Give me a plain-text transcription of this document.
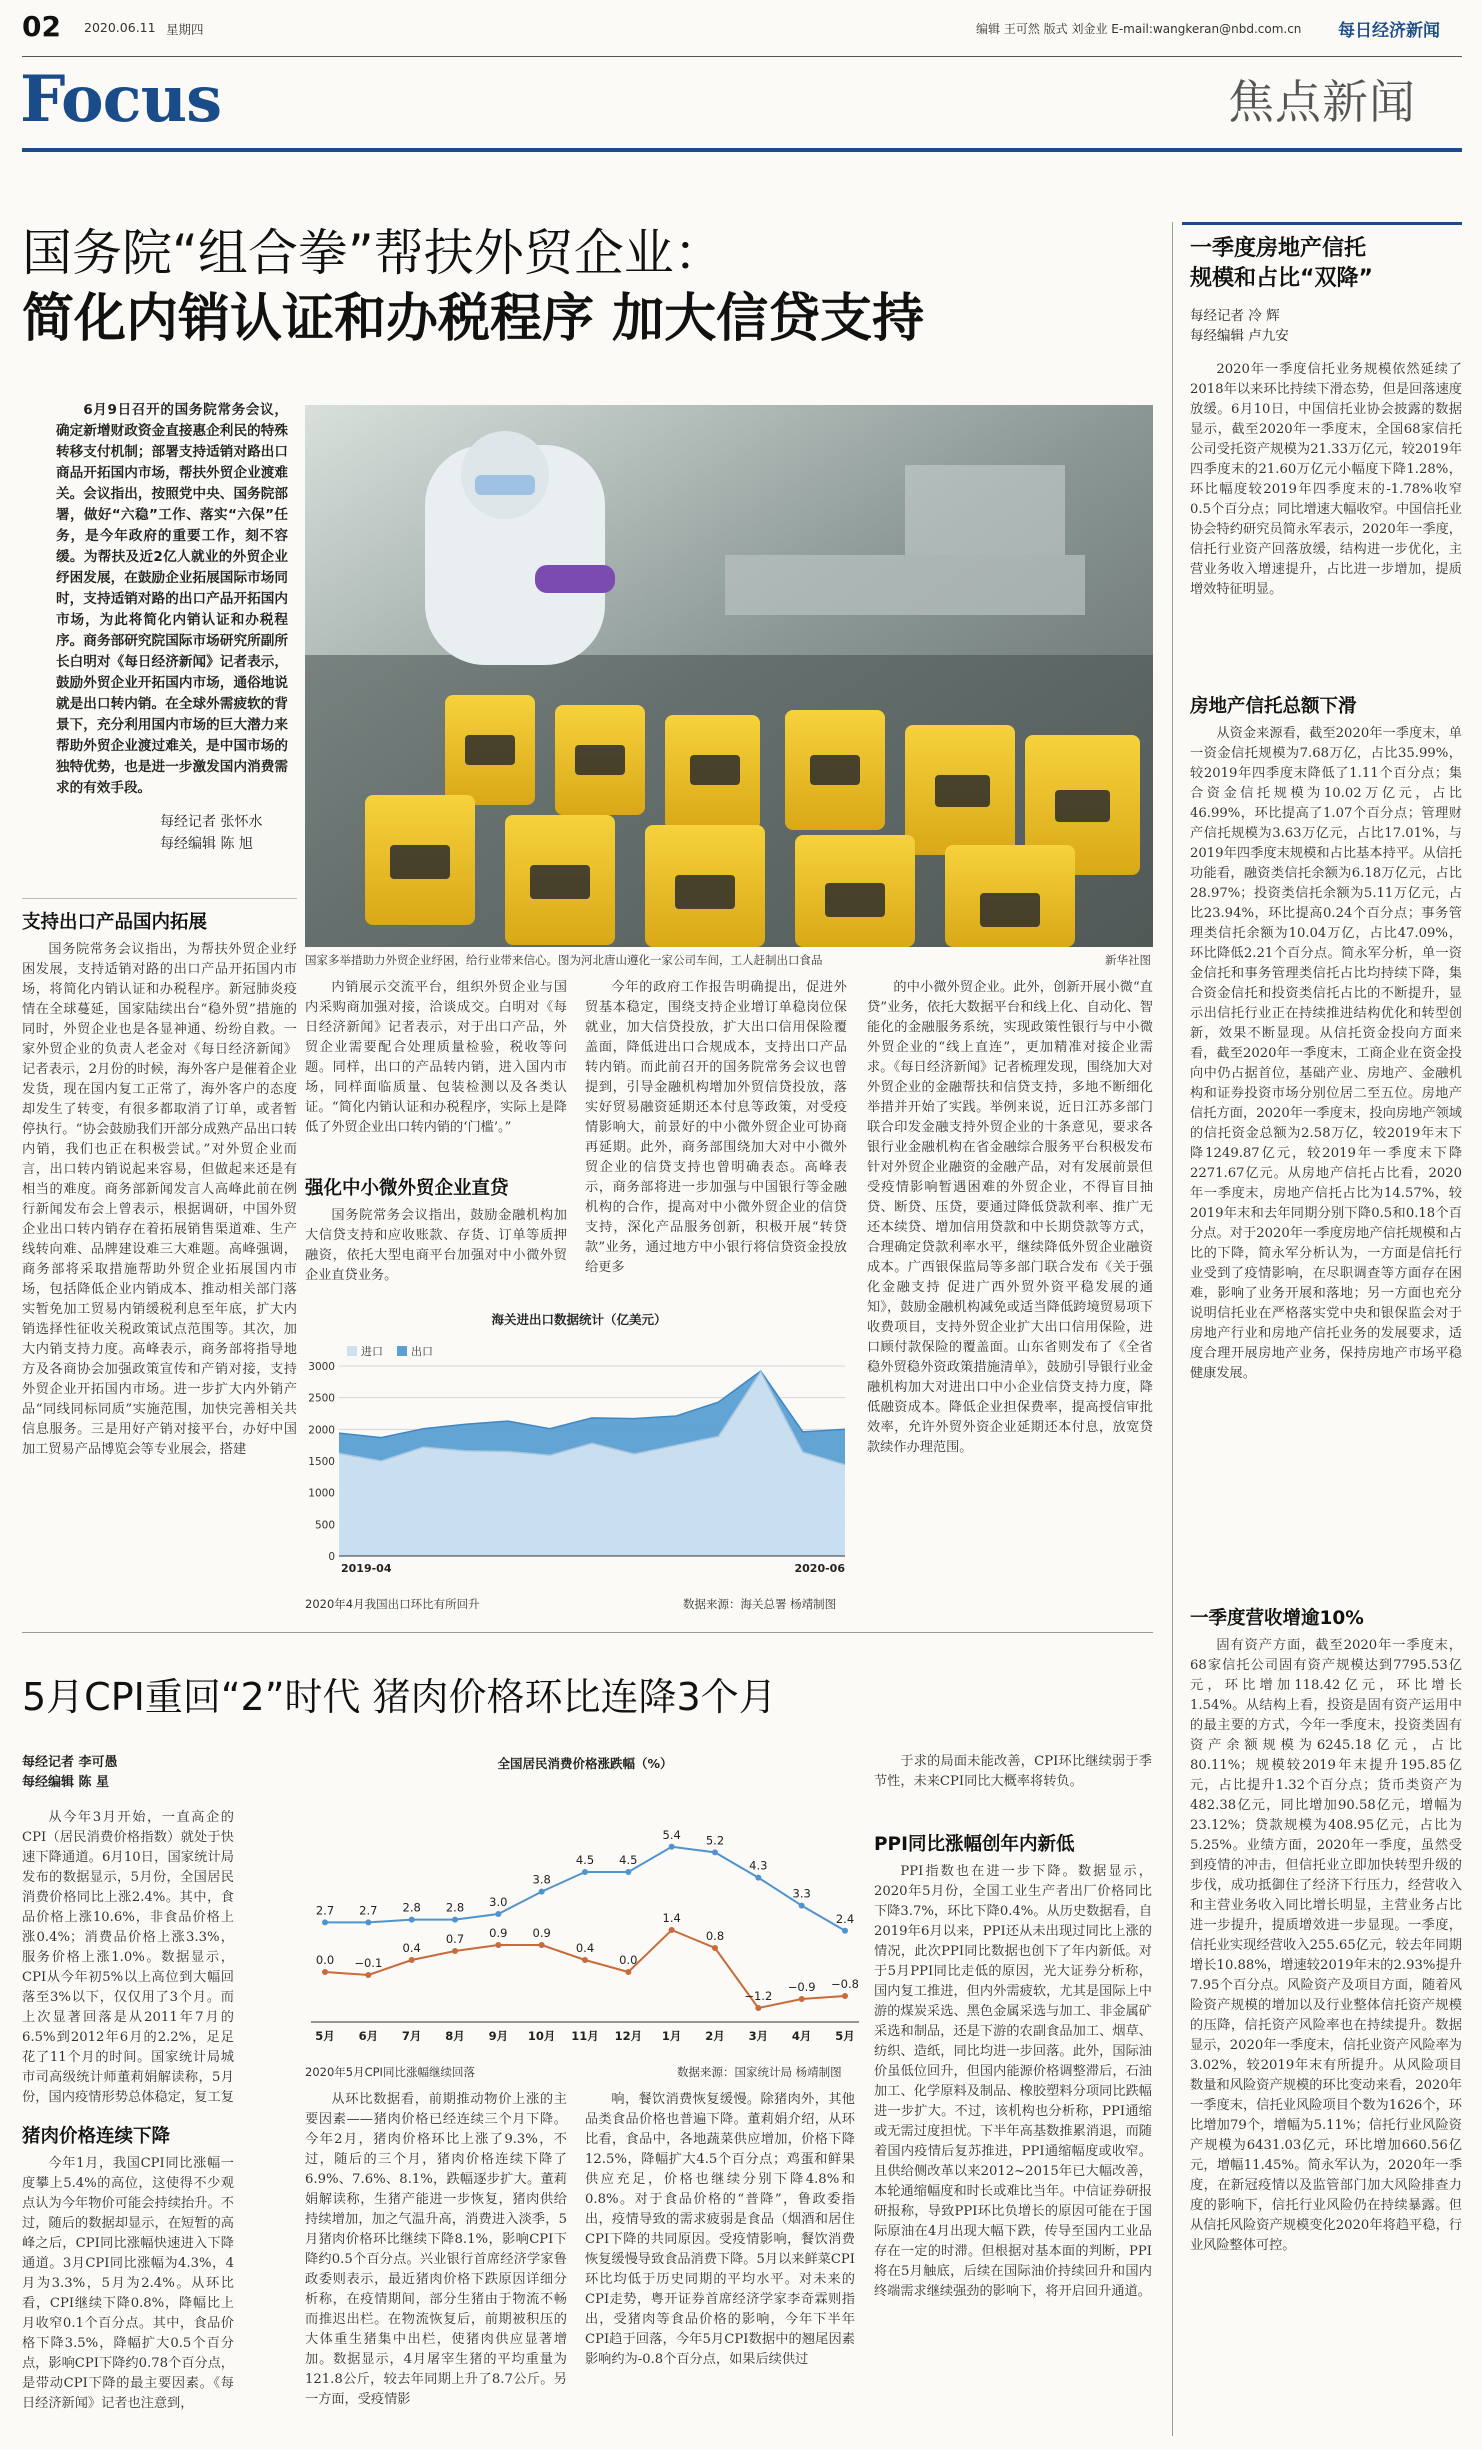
02 2020.06.11 星期四	编辑 王可然 版式 刘金业 E-mail:wangkeran@nbd.com.cn 每日经济新闻
Focus	焦点新闻
国务院“组合拳”帮扶外贸企业：
简化内销认证和办税程序 加大信贷支持
6月9日召开的国务院常务会议，确定新增财政资金直接惠企利民的特殊转移支付机制；部署支持适销对路出口商品开拓国内市场，帮扶外贸企业渡难关。会议指出，按照党中央、国务院部署，做好“六稳”工作、落实“六保”任务，是今年政府的重要工作，刻不容缓。为帮扶及近2亿人就业的外贸企业纾困发展，在鼓励企业拓展国际市场同时，支持适销对路的出口产品开拓国内市场，为此将简化内销认证和办税程序。商务部研究院国际市场研究所副所长白明对《每日经济新闻》记者表示，鼓励外贸企业开拓国内市场，通俗地说就是出口转内销。在全球外需疲软的背景下，充分利用国内市场的巨大潜力来帮助外贸企业渡过难关，是中国市场的独特优势，也是进一步激发国内消费需求的有效手段。
每经记者 张怀水
每经编辑 陈 旭
国家多举措助力外贸企业纾困，给行业带来信心。图为河北唐山遵化一家公司车间，工人赶制出口食品	新华社图
支持出口产品国内拓展
国务院常务会议指出，为帮扶外贸企业纾困发展，支持适销对路的出口产品开拓国内市场，将简化内销认证和办税程序。新冠肺炎疫情在全球蔓延，国家陆续出台“稳外贸”措施的同时，外贸企业也是各显神通、纷纷自救。一家外贸企业的负责人老金对《每日经济新闻》记者表示，2月份的时候，海外客户是催着企业发货，现在国内复工正常了，海外客户的态度却发生了转变，有很多都取消了订单，或者暂停执行。“协会鼓励我们开部分成熟产品出口转内销，我们也正在积极尝试。”对外贸企业而言，出口转内销说起来容易，但做起来还是有相当的难度。商务部新闻发言人高峰此前在例行新闻发布会上曾表示，根据调研，中国外贸企业出口转内销存在着拓展销售渠道难、生产线转向难、品牌建设难三大难题。高峰强调，商务部将采取措施帮助外贸企业拓展国内市场，包括降低企业内销成本、推动相关部门落实暂免加工贸易内销缓税利息至年底，扩大内销选择性征收关税政策试点范围等。其次，加大内销支持力度。高峰表示，商务部将指导地方及各商协会加强政策宣传和产销对接，支持外贸企业开拓国内市场。进一步扩大内外销产品“同线同标同质”实施范围，加快完善相关共信息服务。三是用好产销对接平台，办好中国加工贸易产品博览会等专业展会，搭建
内销展示交流平台，组织外贸企业与国内采购商加强对接，洽谈成交。白明对《每日经济新闻》记者表示，对于出口产品，外贸企业需要配合处理质量检验，税收等问题。同样，出口的产品转内销，进入国内市场，同样面临质量、包装检测以及各类认证。“简化内销认证和办税程序，实际上是降低了外贸企业出口转内销的‘门槛’。”
强化中小微外贸企业直贷
国务院常务会议指出，鼓励金融机构加大信贷支持和应收账款、存货、订单等质押融资，依托大型电商平台加强对中小微外贸企业直贷业务。
今年的政府工作报告明确提出，促进外贸基本稳定，围绕支持企业增订单稳岗位保就业，加大信贷投放，扩大出口信用保险覆盖面，降低进出口合规成本，支持出口产品转内销。而此前召开的国务院常务会议也曾提到，引导金融机构增加外贸信贷投放，落实好贸易融资延期还本付息等政策，对受疫情影响大，前景好的中小微外贸企业可协商再延期。此外，商务部围绕加大对中小微外贸企业的信贷支持也曾明确表态。高峰表示，商务部将进一步加强与中国银行等金融机构的合作，提高对中小微外贸企业的信贷支持，深化产品服务创新，积极开展“转贷款”业务，通过地方中小银行将信贷资金投放给更多
的中小微外贸企业。此外，创新开展小微“直贷”业务，依托大数据平台和线上化、自动化、智能化的金融服务系统，实现政策性银行与中小微外贸企业的“线上直连”，更加精准对接企业需求。《每日经济新闻》记者梳理发现，围绕加大对外贸企业的金融帮扶和信贷支持，多地不断细化举措并开始了实践。举例来说，近日江苏多部门联合印发金融支持外贸企业的十条意见，要求各银行业金融机构在省金融综合服务平台积极发布针对外贸企业融资的金融产品，对有发展前景但受疫情影响暂遇困难的外贸企业，不得盲目抽贷、断贷、压贷，要通过降低贷款利率、推广无还本续贷、增加信用贷款和中长期贷款等方式，合理确定贷款利率水平，继续降低外贸企业融资成本。广西银保监局等多部门联合发布《关于强化金融支持 促进广西外贸外资平稳发展的通知》，鼓励金融机构减免或适当降低跨境贸易项下收费项目，支持外贸企业扩大出口信用保险，进口顾付款保险的覆盖面。山东省则发布了《全省稳外贸稳外资政策措施清单》，鼓励引导银行业金融机构加大对进出口中小企业信贷支持力度，降低融资成本。降低企业担保费率，提高授信审批效率，允许外贸外资企业延期还本付息，放宽贷款续作办理范围。
海关进出口数据统计（亿美元）
进口	出口
3000
2500
2000
1500
1000
500
0
2019-04	2020-06
2020年4月我国出口环比有所回升	数据来源：海关总署 杨靖制图
5月CPI重回“2”时代 猪肉价格环比连降3个月
每经记者 李可愚
每经编辑 陈 星
从今年3月开始，一直高企的CPI（居民消费价格指数）就处于快速下降通道。6月10日，国家统计局发布的数据显示，5月份，全国居民消费价格同比上涨2.4%。其中，食品价格上涨10.6%，非食品价格上涨0.4%；消费品价格上涨3.3%，服务价格上涨1.0%。数据显示，CPI从今年初5%以上高位到大幅回落至3%以下，仅仅用了3个月。而上次显著回落是从2011年7月的6.5%到2012年6月的2.2%，足足花了11个月的时间。国家统计局城市司高级统计师董莉娟解读称，5月份，国内疫情形势总体稳定，复工复
猪肉价格连续下降
今年1月，我国CPI同比涨幅一度攀上5.4%的高位，这使得不少观点认为今年物价可能会持续抬升。不过，随后的数据却显示，在短暂的高峰之后，CPI同比涨幅快速进入下降通道。3月CPI同比涨幅为4.3%，4月为3.3%，5月为2.4%。从环比看，CPI继续下降0.8%，降幅比上月收窄0.1个百分点。其中，食品价格下降3.5%，降幅扩大0.5个百分点，影响CPI下降约0.78个百分点，是带动CPI下降的最主要因素。《每日经济新闻》记者也注意到，
全国居民消费价格涨跌幅（%）
2.7 2.7 2.8 2.8 3.0
3.8
4.5 4.5
5.4 5.2
4.3
3.3
2.4
0.0 −0.1
0.4
0.7 0.9 0.9
0.4
0.0
1.4
0.8
−1.2
−0.9 −0.8
5月 6月 7月 8月 9月 10月 11月 12月 1月 2月 3月 4月 5月
2020年5月CPI同比涨幅继续回落	数据来源：国家统计局 杨靖制图
从环比数据看，前期推动物价上涨的主要因素——猪肉价格已经连续三个月下降。今年2月，猪肉价格环比上涨了9.3%，不过，随后的三个月，猪肉价格连续下降了6.9%、7.6%、8.1%，跌幅逐步扩大。董莉娟解读称，生猪产能进一步恢复，猪肉供给持续增加，加之气温升高，消费进入淡季，5月猪肉价格环比继续下降8.1%，影响CPI下降约0.5个百分点。兴业银行首席经济学家鲁政委则表示，最近猪肉价格下跌原因详细分析称，在疫情期间，部分生猪由于物流不畅而推迟出栏。在物流恢复后，前期被积压的大体重生猪集中出栏，使猪肉供应显著增加。数据显示，4月屠宰生猪的平均重量为121.8公斤，较去年同期上升了8.7公斤。另一方面，受疫情影
响，餐饮消费恢复缓慢。除猪肉外，其他品类食品价格也普遍下降。董莉娟介绍，从环比看，食品中，各地蔬菜供应增加，价格下降12.5%，降幅扩大4.5个百分点；鸡蛋和鲜果供应充足，价格也继续分别下降4.8%和0.8%。对于食品价格的“普降”，鲁政委指出，疫情导致的需求疲弱是食品（烟酒和居住CPI下降的共同原因。受疫情影响，餐饮消费恢复缓慢导致食品消费下降。5月以来鲜菜CPI环比均低于历史同期的平均水平。对未来的CPI走势，粤开证券首席经济学家李奇霖则指出，受猪肉等食品价格的影响，今年下半年CPI趋于回落，今年5月CPI数据中的翘尾因素影响约为-0.8个百分点，如果后续供过
于求的局面未能改善，CPI环比继续弱于季节性，未来CPI同比大概率将转负。
PPI同比涨幅创年内新低
PPI指数也在进一步下降。数据显示，2020年5月份，全国工业生产者出厂价格同比下降3.7%，环比下降0.4%。从历史数据看，自2019年6月以来，PPI还从未出现过同比上涨的情况，此次PPI同比数据也创下了年内新低。对于5月PPI同比走低的原因，光大证券分析称，国内复工推进，但内外需疲软，尤其是国际上中游的煤炭采选、黑色金属采选与加工、非金属矿采选和制品，还是下游的农副食品加工、烟草、纺织、造纸，同比均进一步回落。此外，国际油价虽低位回升，但国内能源价格调整滞后，石油加工、化学原料及制品、橡胶塑料分项同比跌幅进一步扩大。不过，该机构也分析称，PPI通缩或无需过度担忧。下半年高基数推累消退，而随着国内疫情后复苏推进，PPI通缩幅度或收窄。且供给侧改革以来2012~2015年已大幅改善，本轮通缩幅度和时长或难比当年。中信证券研报研报称，导致PPI环比负增长的原因可能在于国际原油在4月出现大幅下跌，传导至国内工业品存在一定的时滞。但根据对基本面的判断，PPI将在5月触底，后续在国际油价持续回升和国内终端需求继续强劲的影响下，将开启回升通道。
一季度房地产信托
规模和占比“双降”
每经记者 冷 辉
每经编辑 卢九安
2020年一季度信托业务规模依然延续了2018年以来环比持续下滑态势，但是回落速度放缓。6月10日，中国信托业协会披露的数据显示，截至2020年一季度末，全国68家信托公司受托资产规模为21.33万亿元，较2019年四季度末的21.60万亿元小幅度下降1.28%，环比幅度较2019年四季度末的-1.78%收窄0.5个百分点；同比增速大幅收窄。中国信托业协会特约研究员简永军表示，2020年一季度，信托行业资产回落放缓，结构进一步优化，主营业务收入增速提升，占比进一步增加，提质增效特征明显。
房地产信托总额下滑
从资金来源看，截至2020年一季度末，单一资金信托规模为7.68万亿，占比35.99%，较2019年四季度末降低了1.11个百分点；集合资金信托规模为10.02万亿元，占比46.99%，环比提高了1.07个百分点；管理财产信托规模为3.63万亿元，占比17.01%，与2019年四季度末规模和占比基本持平。从信托功能看，融资类信托余额为6.18万亿元，占比28.97%；投资类信托余额为5.11万亿元，占比23.94%，环比提高0.24个百分点；事务管理类信托余额为10.04万亿，占比47.09%，环比降低2.21个百分点。简永军分析，单一资金信托和事务管理类信托占比均持续下降，集合资金信托和投资类信托占比的不断提升，显示出信托行业正在持续推进结构优化和转型创新，效果不断显现。从信托资金投向方面来看，截至2020年一季度末，工商企业在资金投向中仍占据首位，基础产业、房地产、金融机构和证券投资市场分别位居二至五位。房地产信托方面，2020年一季度末，投向房地产领域的信托资金总额为2.58万亿，较2019年末下降1249.87亿元，较2019年一季度末下降2271.67亿元。从房地产信托占比看，2020年一季度末，房地产信托占比为14.57%，较2019年末和去年同期分别下降0.5和0.18个百分点。对于2020年一季度房地产信托规模和占比的下降，简永军分析认为，一方面是信托行业受到了疫情影响，在尽职调查等方面存在困难，影响了业务开展和落地；另一方面也充分说明信托业在严格落实党中央和银保监会对于房地产行业和房地产信托业务的发展要求，适度合理开展房地产业务，保持房地产市场平稳健康发展。
一季度营收增逾10%
固有资产方面，截至2020年一季度末，68家信托公司固有资产规模达到7795.53亿元，环比增加118.42亿元，环比增长1.54%。从结构上看，投资是固有资产运用中的最主要的方式，今年一季度末，投资类固有资产余额规模为6245.18亿元，占比80.11%；规模较2019年末提升195.85亿元，占比提升1.32个百分点；货币类资产为482.38亿元，同比增加90.58亿元，增幅为23.12%；贷款规模为408.95亿元，占比为5.25%。业绩方面，2020年一季度，虽然受到疫情的冲击，但信托业立即加快转型升级的步伐，成功抵御住了经济下行压力，经营收入和主营业务收入同比增长明显，主营业务占比进一步提升，提质增效进一步显现。一季度，信托业实现经营收入255.65亿元，较去年同期增长10.88%，增速较2019年末的2.93%提升7.95个百分点。风险资产及项目方面，随着风险资产规模的增加以及行业整体信托资产规模的压降，信托资产风险率也在持续提升。数据显示，2020年一季度末，信托业资产风险率为3.02%，较2019年末有所提升。从风险项目数量和风险资产规模的环比变动来看，2020年一季度末，信托业风险项目个数为1626个，环比增加79个，增幅为5.11%；信托行业风险资产规模为6431.03亿元，环比增加660.56亿元，增幅11.45%。简永军认为，2020年一季度，在新冠疫情以及监管部门加大风险排查力度的影响下，信托行业风险仍在持续暴露。但从信托风险资产规模变化2020年将趋平稳，行业风险整体可控。
